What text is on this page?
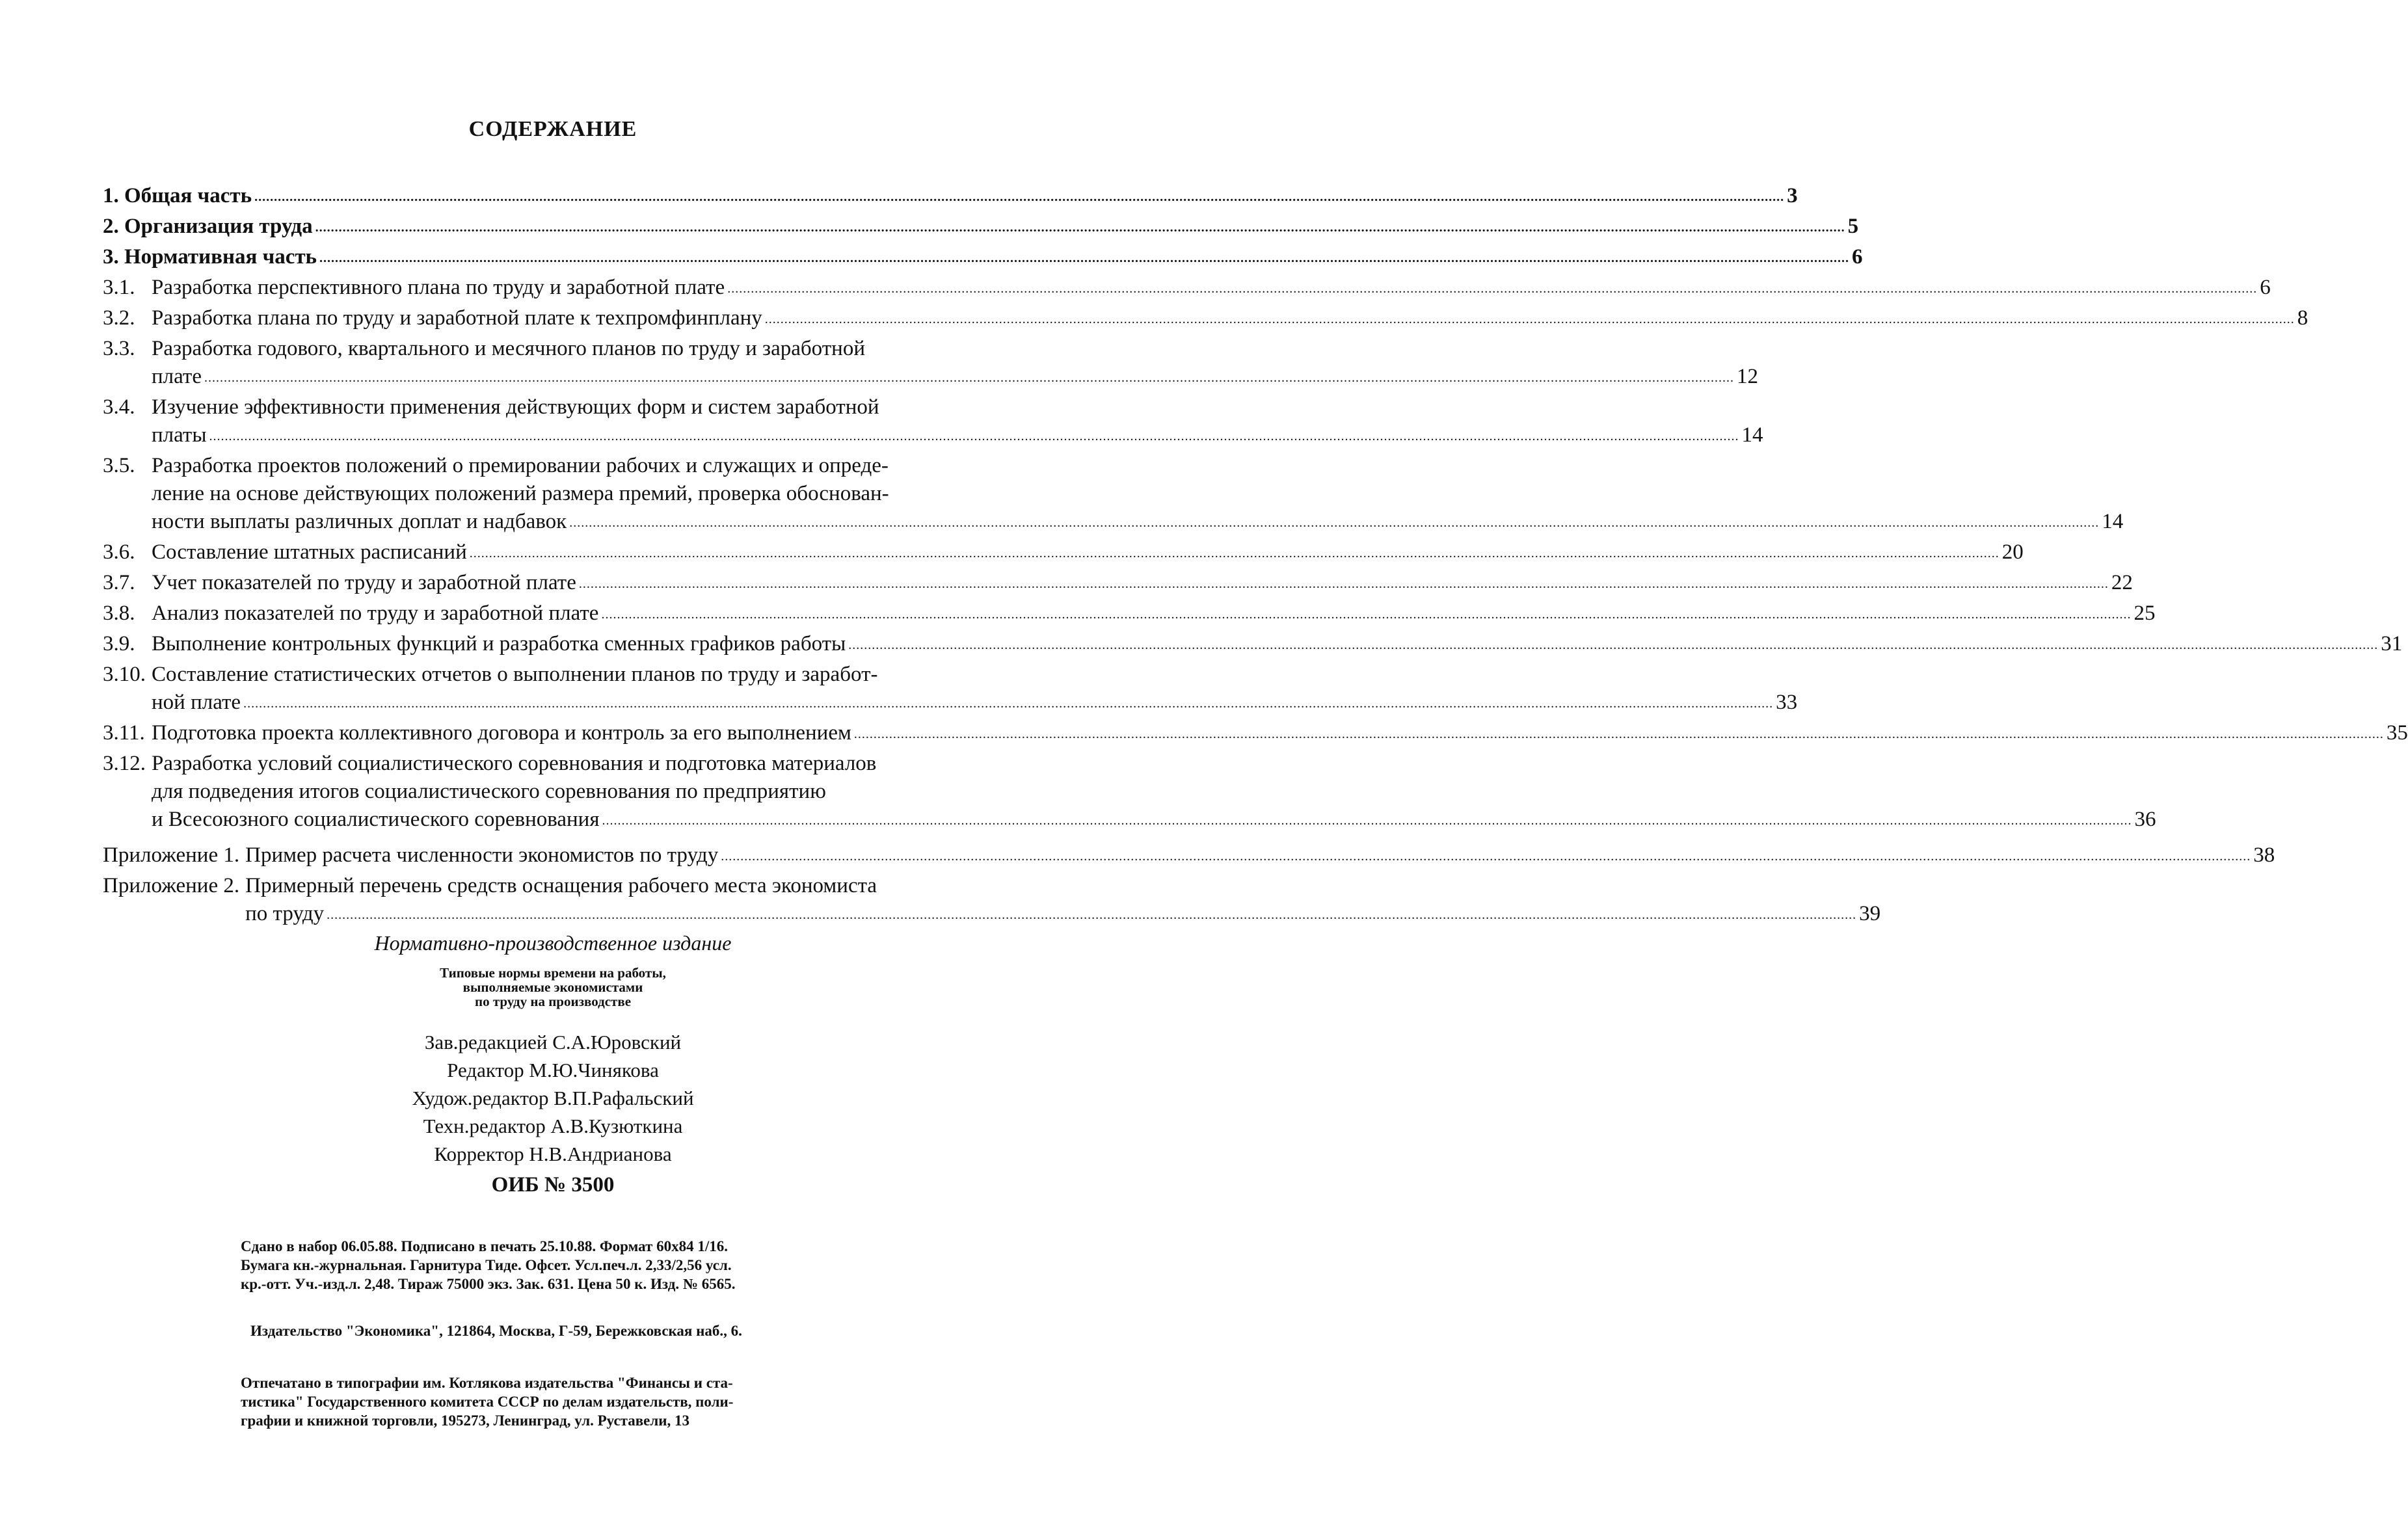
СОДЕРЖАНИЕ
1. Общая часть .....	3
2. Организация труда .....	5
3. Нормативная часть .....	6
3.1. Разработка перспективного плана по труду и заработной плате .....	6
3.2. Разработка плана по труду и заработной плате к техпромфинплану .....	8
3.3. Разработка годового, квартального и месячного планов по труду и заработной
плате .....	12
3.4. Изучение эффективности применения действующих форм и систем заработной
платы .....	14
3.5. Разработка проектов положений о премировании рабочих и служащих и опреде-
ление на основе действующих положений размера премий, проверка обоснован-
ности выплаты различных доплат и надбавок .....	14
3.6. Составление штатных расписаний .....	20
3.7. Учет показателей по труду и заработной плате .....	22
3.8. Анализ показателей по труду и заработной плате .....	25
3.9. Выполнение контрольных функций и разработка сменных графиков работы .....	31
3.10. Составление статистических отчетов о выполнении планов по труду и заработ-
ной плате .....	33
3.11. Подготовка проекта коллективного договора и контроль за его выполнением .....	35
3.12. Разработка условий социалистического соревнования и подготовка материалов
для подведения итогов социалистического соревнования по предприятию
и Всесоюзного социалистического соревнования .....	36
Приложение 1. Пример расчета численности экономистов по труду .....	38
Приложение 2. Примерный перечень средств оснащения рабочего места экономиста
по труду .....	39
Нормативно-производственное издание
Типовые нормы времени на работы,
выполняемые экономистами
по труду на производстве
Зав.редакцией С.А.Юровский
Редактор М.Ю.Чинякова
Худож.редактор В.П.Рафальский
Техн.редактор А.В.Кузюткина
Корректор Н.В.Андрианова
ОИБ № 3500
Сдано в набор 06.05.88. Подписано в печать 25.10.88. Формат 60х84 1/16.
Бумага кн.-журнальная. Гарнитура Тиде. Офсет. Усл.печ.л. 2,33/2,56 усл.
кр.-отт. Уч.-изд.л. 2,48. Тираж 75000 экз. Зак. 631. Цена 50 к. Изд. № 6565.
Издательство "Экономика", 121864, Москва, Г-59, Бережковская наб., 6.
Отпечатано в типографии им. Котлякова издательства "Финансы и ста-
тистика" Государственного комитета СССР по делам издательств, поли-
графии и книжной торговли, 195273, Ленинград, ул. Руставели, 13
